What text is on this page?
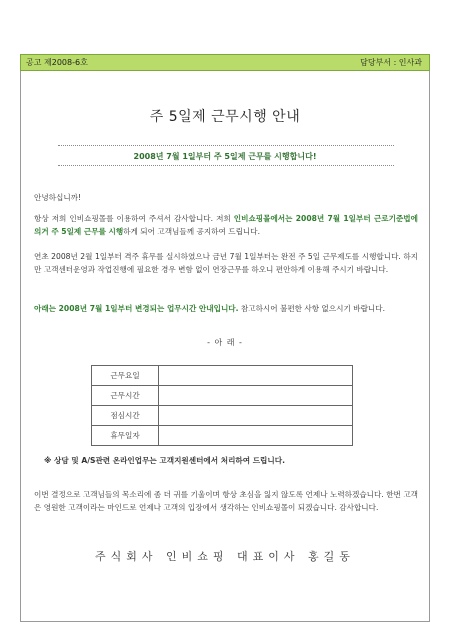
공고 제2008-6호	담당부서 : 인사과
주 5일제 근무시행 안내
2008년 7월 1일부터 주 5일제 근무를 시행합니다!
안녕하십니까!
항상 저희 인비쇼핑몰를 이용하여 주셔서 감사합니다. 저희 인비쇼핑몰에서는 2008년 7월 1일부터 근로기준법에 의거 주 5일제 근무를 시행하게 되어 고객님들께 공지하여 드립니다.
연초 2008년 2월 1일부터 격주 휴무를 실시하였으나 금년 7월 1일부터는 완전 주 5일 근무제도를 시행합니다. 하지만 고객센터운영과 작업진행에 필요한 경우 변함 없이 연장근무를 하오니 편안하게 이용해 주시기 바랍니다.
아래는 2008년 7월 1일부터 변경되는 업무시간 안내입니다. 참고하시어 불편한 사항 없으시기 바랍니다.
- 아 래 -
근무요일	
근무시간	
점심시간	
휴무일자	
※ 상담 및 A/S관련 온라인업무는 고객지원센터에서 처리하여 드립니다.
이번 결정으로 고객님들의 목소리에 좀 더 귀를 기울이며 항상 초심을 잃지 않도록 언제나 노력하겠습니다. 한번 고객은 영원한 고객이라는 마인드로 언제나 고객의 입장에서 생각하는 인비쇼핑몰이 되겠습니다. 감사합니다.
주식회사 인비쇼핑 대표이사 홍길동
